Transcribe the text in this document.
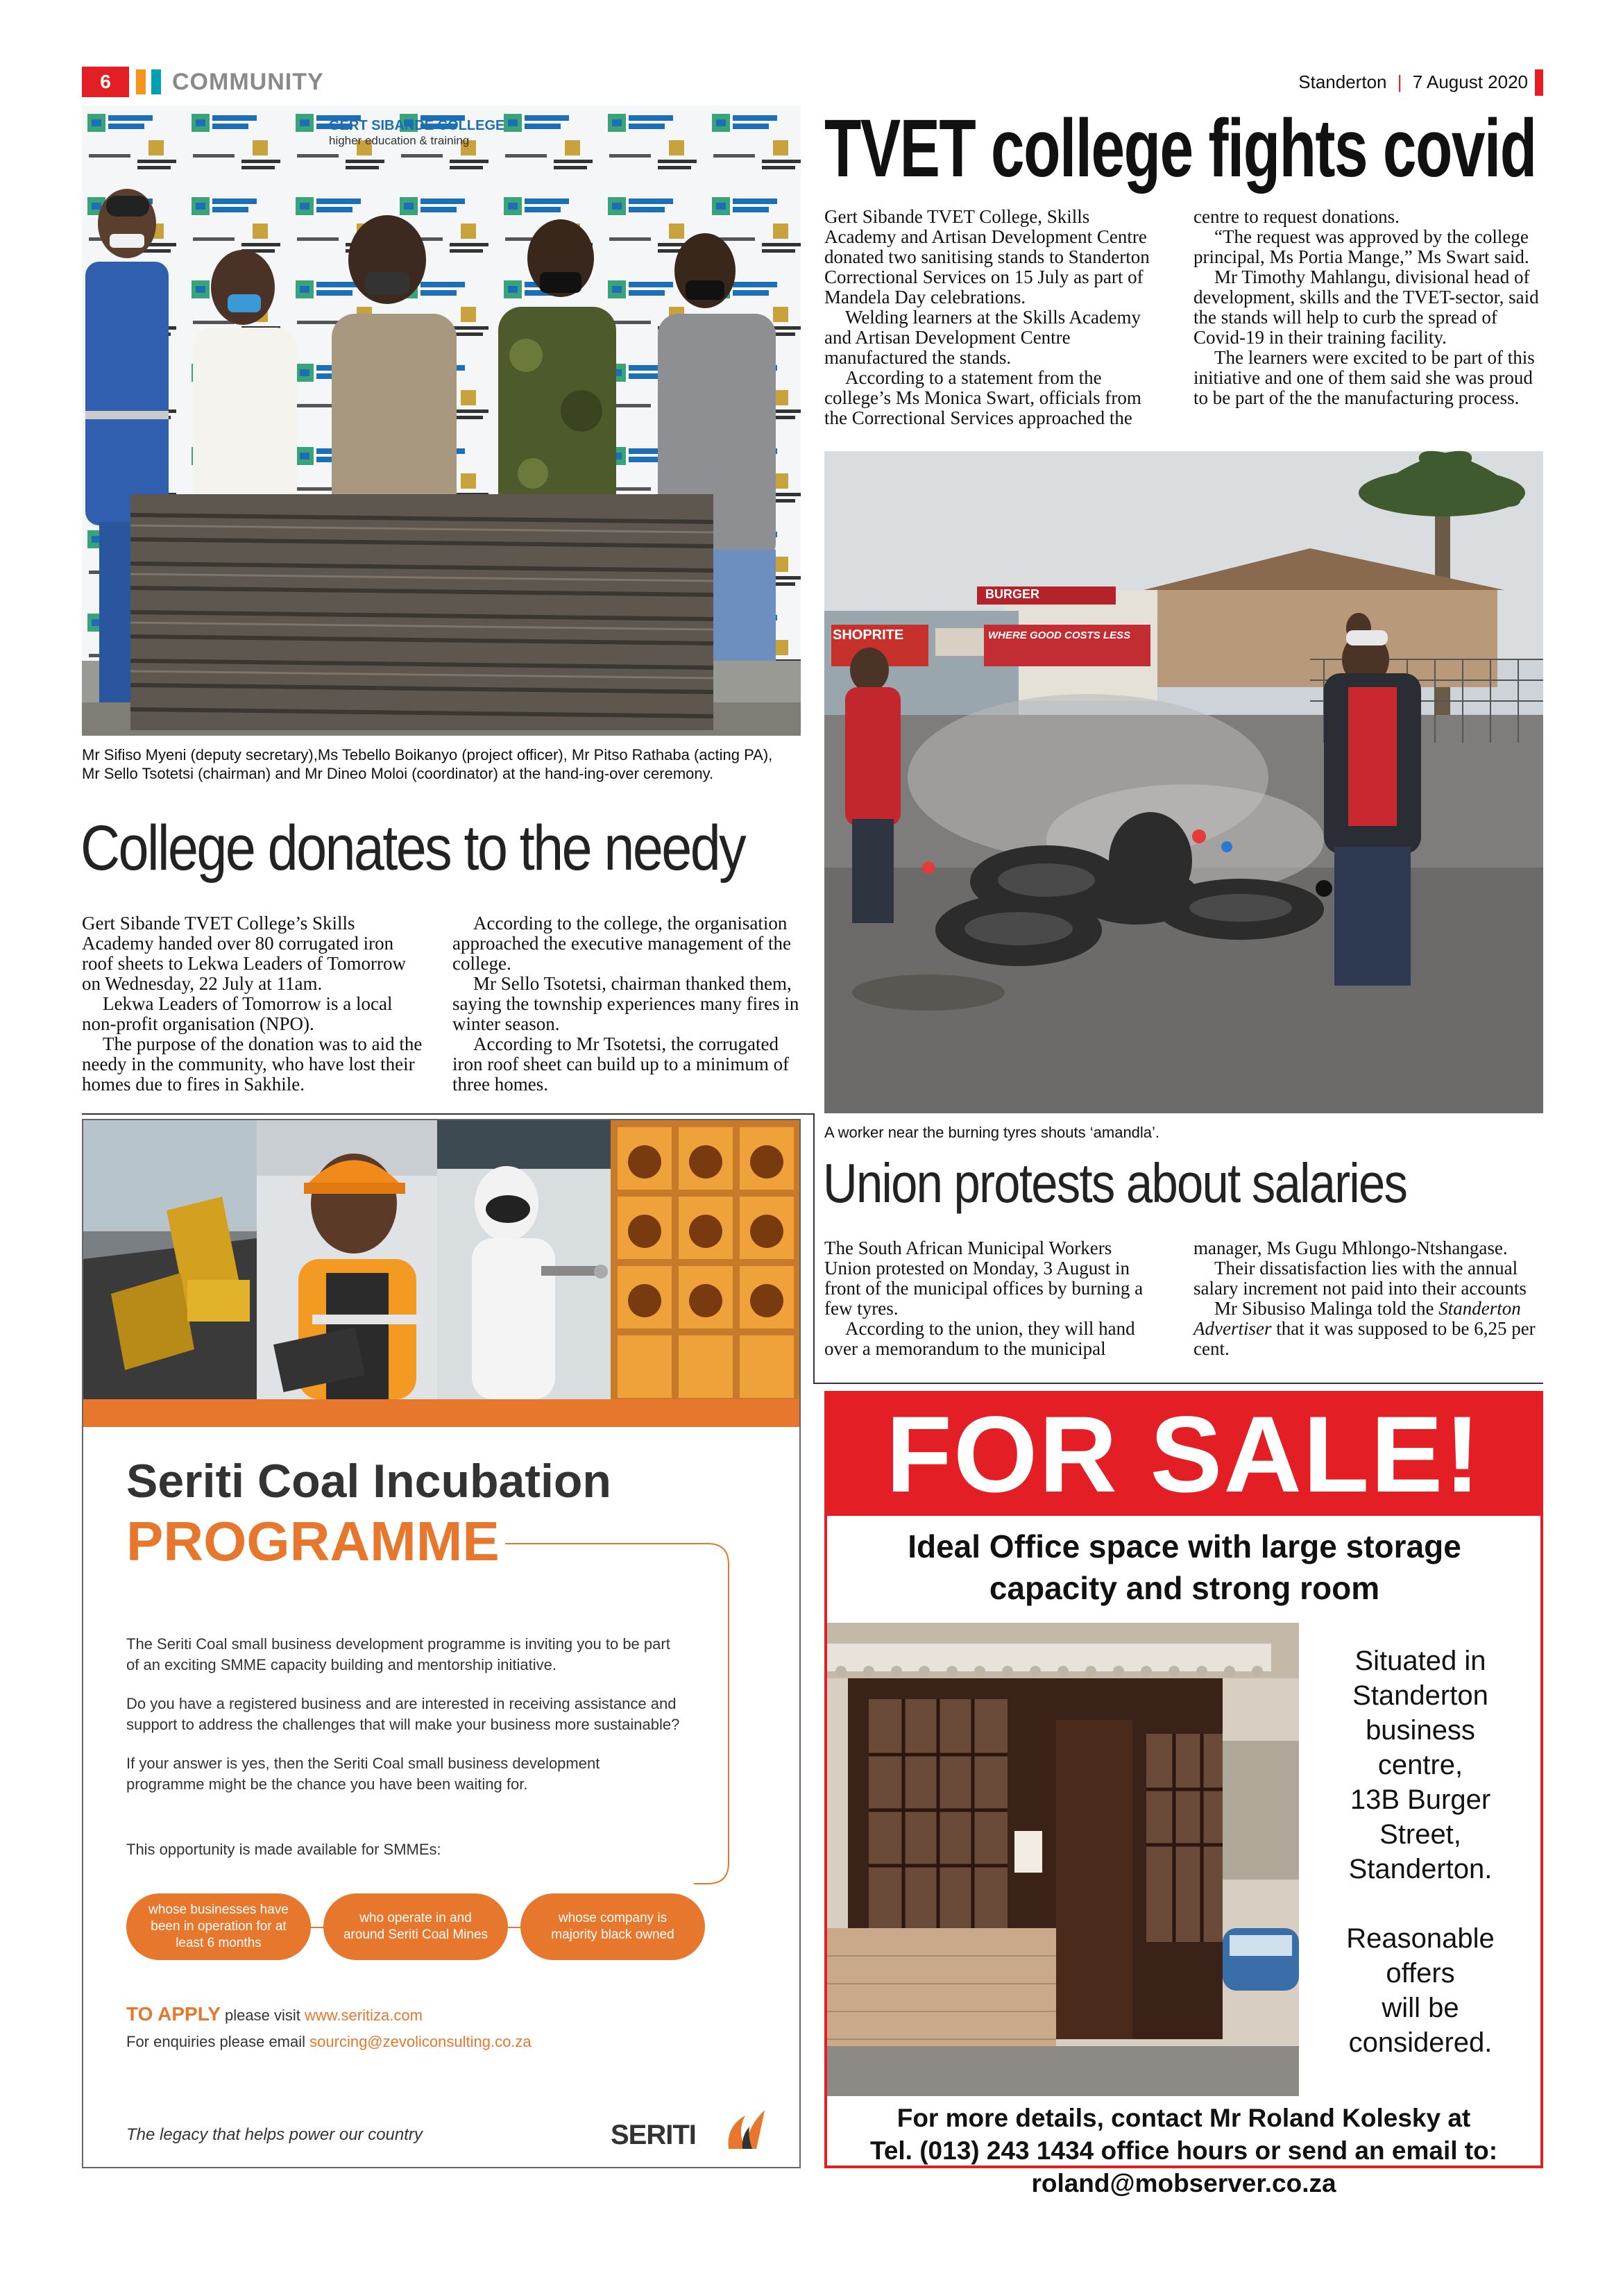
6	COMMUNITY	Standerton | 7 August 2020
GERT SIBANDE COLLEGE
higher education & training
Mr Sifiso Myeni (deputy secretary),Ms Tebello Boikanyo (project officer), Mr Pitso Rathaba (acting PA), Mr Sello Tsotetsi (chairman) and Mr Dineo Moloi (coordinator) at the hand-ing-over ceremony.
College donates to the needy

Gert Sibande TVET College’s Skills Academy handed over 80 corrugated iron roof sheets to Lekwa Leaders of Tomorrow on Wednesday, 22 July at 11am.

Lekwa Leaders of Tomorrow is a local non-profit organisation (NPO).

The purpose of the donation was to aid the needy in the community, who have lost their homes due to fires in Sakhile.

According to the college, the organisation approached the executive management of the college.

Mr Sello Tsotetsi, chairman thanked them, saying the township experiences many fires in winter season.

According to Mr Tsotetsi, the corrugated iron roof sheet can build up to a minimum of three homes.

TVET college fights covid

Gert Sibande TVET College, Skills Academy and Artisan Development Centre donated two sanitising stands to Standerton Correctional Services on 15 July as part of Mandela Day celebrations.

Welding learners at the Skills Academy and Artisan Development Centre manufactured the stands.

According to a statement from the college’s Ms Monica Swart, officials from the Correctional Services approached the

centre to request donations.

“The request was approved by the college principal, Ms Portia Mange,” Ms Swart said.

Mr Timothy Mahlangu, divisional head of development, skills and the TVET-sector, said the stands will help to curb the spread of Covid-19 in their training facility.

The learners were excited to be part of this initiative and one of them said she was proud to be part of the the manufacturing process.

SHOPRITE	WHERE GOOD COSTS LESS
BURGER
A worker near the burning tyres shouts ‘amandla’.
Union protests about salaries

The South African Municipal Workers Union protested on Monday, 3 August in front of the municipal offices by burning a few tyres.

According to the union, they will hand over a memorandum to the municipal

manager, Ms Gugu Mhlongo-Ntshangase.

Their dissatisfaction lies with the annual salary increment not paid into their accounts

Mr Sibusiso Malinga told the Standerton Advertiser that it was supposed to be 6,25 per cent.

Seriti Coal Incubation
PROGRAMME
The Seriti Coal small business development programme is inviting you to be part of an exciting SMME capacity building and mentorship initiative.
Do you have a registered business and are interested in receiving assistance and support to address the challenges that will make your business more sustainable?
If your answer is yes, then the Seriti Coal small business development programme might be the chance you have been waiting for.
This opportunity is made available for SMMEs:
whose businesses have been in operation for at least 6 months
who operate in and around Seriti Coal Mines
whose company is majority black owned
TO APPLY please visit www.seritiza.com
For enquiries please email sourcing@zevoliconsulting.co.za
The legacy that helps power our country	SERITI
FOR SALE!
Ideal Office space with large storage capacity and strong room
Situated in
Standerton
business
centre,
13B Burger
Street,
Standerton.
Reasonable
offers
will be
considered.
For more details, contact Mr Roland Kolesky at
Tel. (013) 243 1434 office hours or send an email to:
roland@mobserver.co.za
